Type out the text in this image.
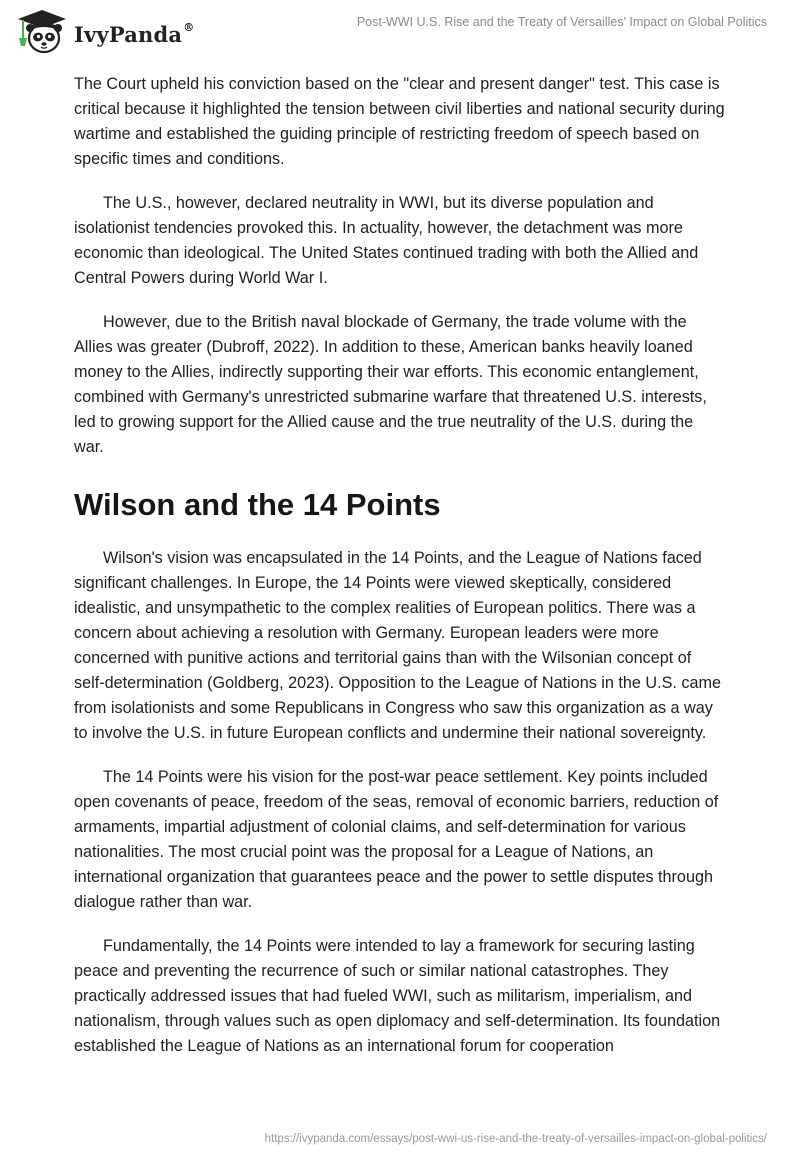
IvyPanda®	Post-WWI U.S. Rise and the Treaty of Versailles' Impact on Global Politics

The Court upheld his conviction based on the "clear and present danger" test. This case is critical because it highlighted the tension between civil liberties and national security during wartime and established the guiding principle of restricting freedom of speech based on specific times and conditions.

The U.S., however, declared neutrality in WWI, but its diverse population and isolationist tendencies provoked this. In actuality, however, the detachment was more economic than ideological. The United States continued trading with both the Allied and Central Powers during World War I.

However, due to the British naval blockade of Germany, the trade volume with the Allies was greater (Dubroff, 2022). In addition to these, American banks heavily loaned money to the Allies, indirectly supporting their war efforts. This economic entanglement, combined with Germany's unrestricted submarine warfare that threatened U.S. interests, led to growing support for the Allied cause and the true neutrality of the U.S. during the war.

Wilson and the 14 Points

Wilson's vision was encapsulated in the 14 Points, and the League of Nations faced significant challenges. In Europe, the 14 Points were viewed skeptically, considered idealistic, and unsympathetic to the complex realities of European politics. There was a concern about achieving a resolution with Germany. European leaders were more concerned with punitive actions and territorial gains than with the Wilsonian concept of self-determination (Goldberg, 2023). Opposition to the League of Nations in the U.S. came from isolationists and some Republicans in Congress who saw this organization as a way to involve the U.S. in future European conflicts and undermine their national sovereignty.

The 14 Points were his vision for the post-war peace settlement. Key points included open covenants of peace, freedom of the seas, removal of economic barriers, reduction of armaments, impartial adjustment of colonial claims, and self-determination for various nationalities. The most crucial point was the proposal for a League of Nations, an international organization that guarantees peace and the power to settle disputes through dialogue rather than war.

Fundamentally, the 14 Points were intended to lay a framework for securing lasting peace and preventing the recurrence of such or similar national catastrophes. They practically addressed issues that had fueled WWI, such as militarism, imperialism, and nationalism, through values such as open diplomacy and self-determination. Its foundation established the League of Nations as an international forum for cooperation

https://ivypanda.com/essays/post-wwi-us-rise-and-the-treaty-of-versailles-impact-on-global-politics/
